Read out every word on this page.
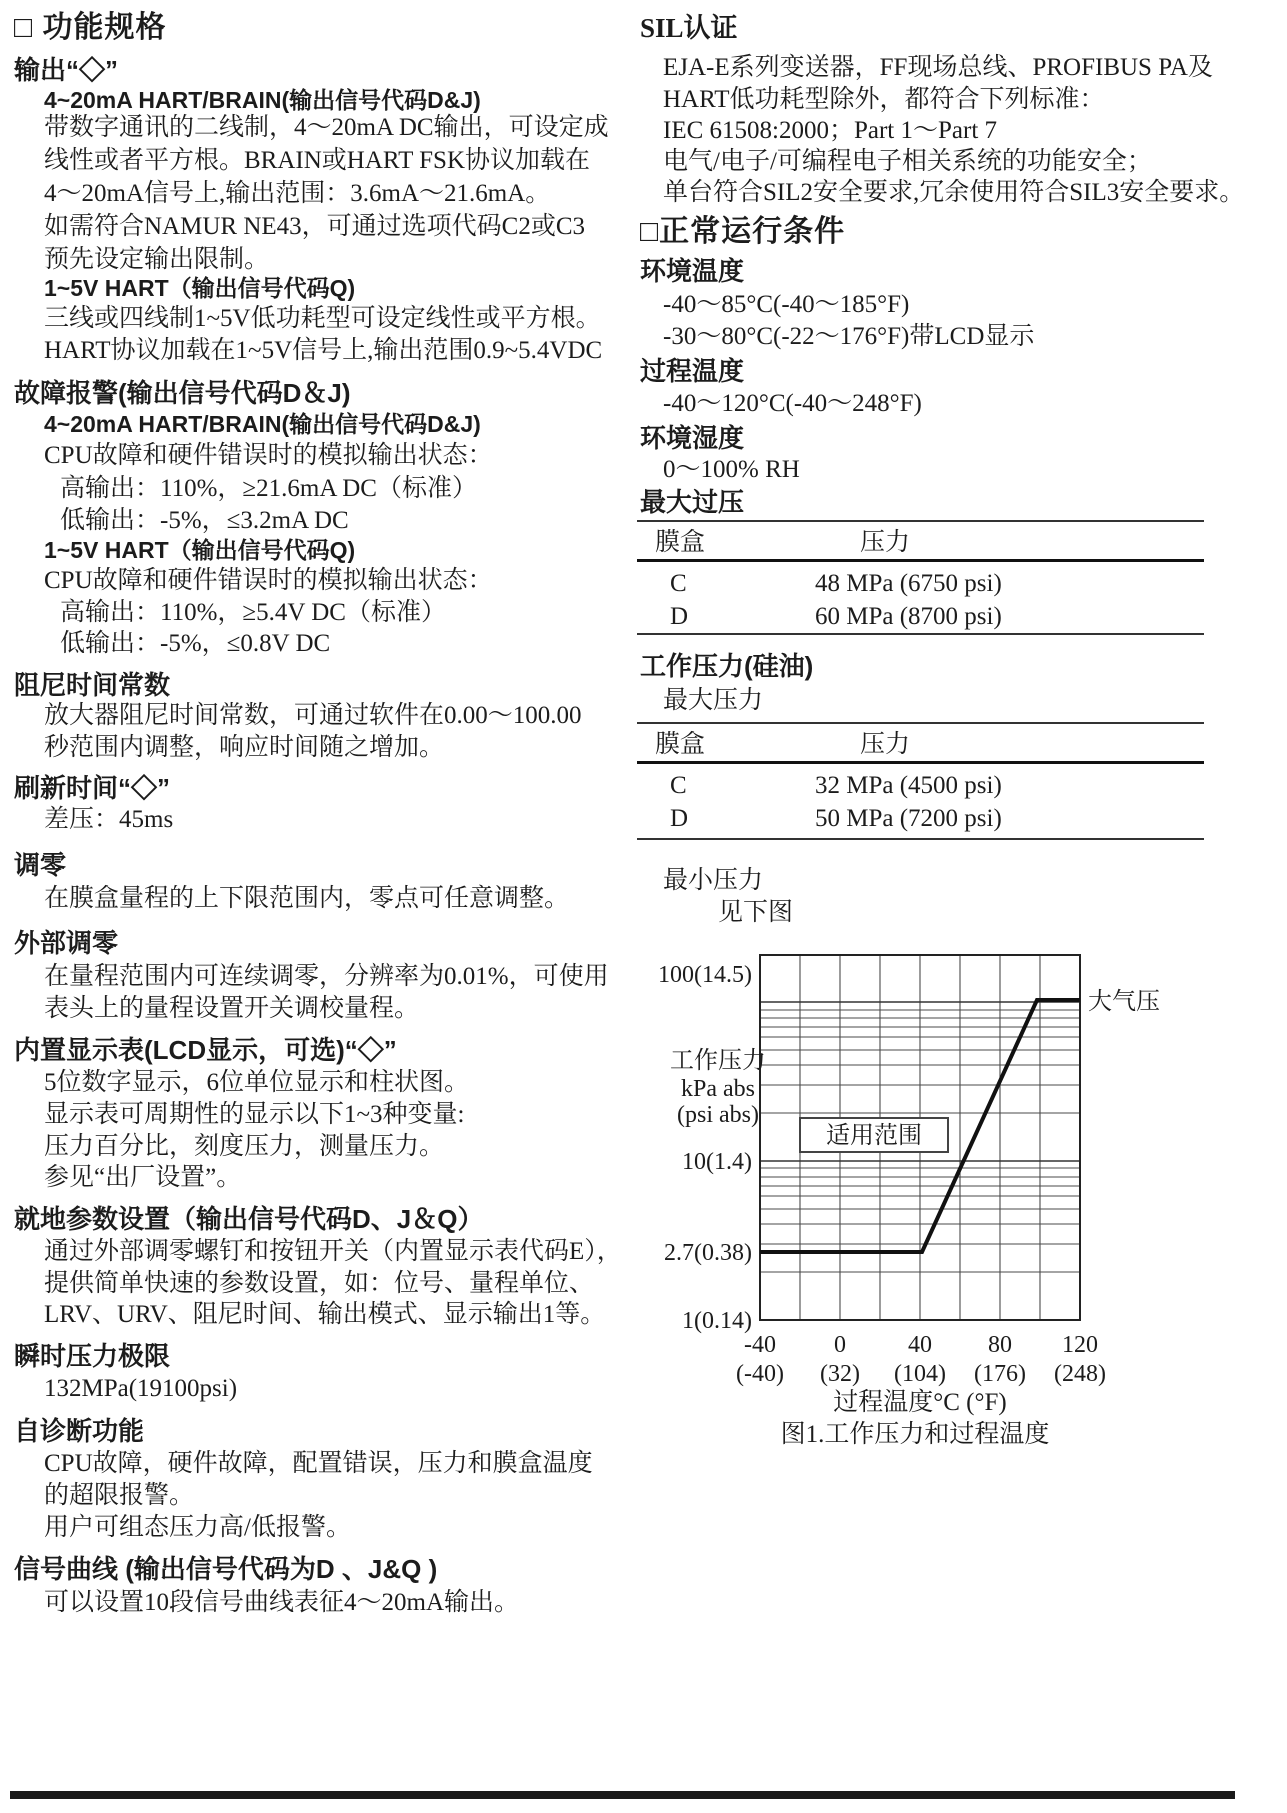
□ 功能规格
输出“◇”
4~20mA HART/BRAIN(输出信号代码D&J)
带数字通讯的二线制，4～20mA DC输出，可设定成
线性或者平方根。BRAIN或HART FSK协议加载在
4～20mA信号上,输出范围：3.6mA～21.6mA。
如需符合NAMUR NE43，可通过选项代码C2或C3
预先设定输出限制。
1~5V HART（输出信号代码Q)
三线或四线制1~5V低功耗型可设定线性或平方根。
HART协议加载在1~5V信号上,输出范围0.9~5.4VDC
故障报警(输出信号代码D＆J)
4~20mA HART/BRAIN(输出信号代码D&J)
CPU故障和硬件错误时的模拟输出状态：
高输出：110%，≥21.6mA DC（标准）
低输出：-5%，≤3.2mA DC
1~5V HART（输出信号代码Q)
CPU故障和硬件错误时的模拟输出状态：
高输出：110%，≥5.4V DC（标准）
低输出：-5%，≤0.8V DC
阻尼时间常数
放大器阻尼时间常数，可通过软件在0.00～100.00
秒范围内调整，响应时间随之增加。
刷新时间“◇”
差压：45ms
调零
在膜盒量程的上下限范围内，零点可任意调整。
外部调零
在量程范围内可连续调零，分辨率为0.01%，可使用
表头上的量程设置开关调校量程。
内置显示表(LCD显示，可选)“◇”
5位数字显示，6位单位显示和柱状图。
显示表可周期性的显示以下1~3种变量:
压力百分比，刻度压力，测量压力。
参见“出厂设置”。
就地参数设置（输出信号代码D、J＆Q）
通过外部调零螺钉和按钮开关（内置显示表代码E），
提供简单快速的参数设置，如：位号、量程单位、
LRV、URV、阻尼时间、输出模式、显示输出1等。
瞬时压力极限
132MPa(19100psi)
自诊断功能
CPU故障，硬件故障，配置错误，压力和膜盒温度
的超限报警。
用户可组态压力高/低报警。
信号曲线 (输出信号代码为D 、J&Q )
可以设置10段信号曲线表征4～20mA输出。
SIL认证
EJA-E系列变送器，FF现场总线、PROFIBUS PA及
HART低功耗型除外，都符合下列标准：
IEC 61508:2000；Part 1～Part 7
电气/电子/可编程电子相关系统的功能安全；
单台符合SIL2安全要求,冗余使用符合SIL3安全要求。
□正常运行条件
环境温度
-40～85°C(-40～185°F)
-30～80°C(-22～176°F)带LCD显示
过程温度
-40～120°C(-40～248°F)
环境湿度
0～100% RH
最大过压
膜盒	压力
C	48 MPa (6750 psi)
D	60 MPa (8700 psi)
工作压力(硅油)
最大压力
膜盒	压力
C	32 MPa (4500 psi)
D	50 MPa (7200 psi)
最小压力
见下图
适用范围
大气压
100(14.5)
10(1.4)
2.7(0.38)
1(0.14)
工作压力
kPa abs
(psi abs)
-40 0	40 80 120
(-40) (32) (104) (176) (248)
过程温度°C (°F)
图1.工作压力和过程温度
